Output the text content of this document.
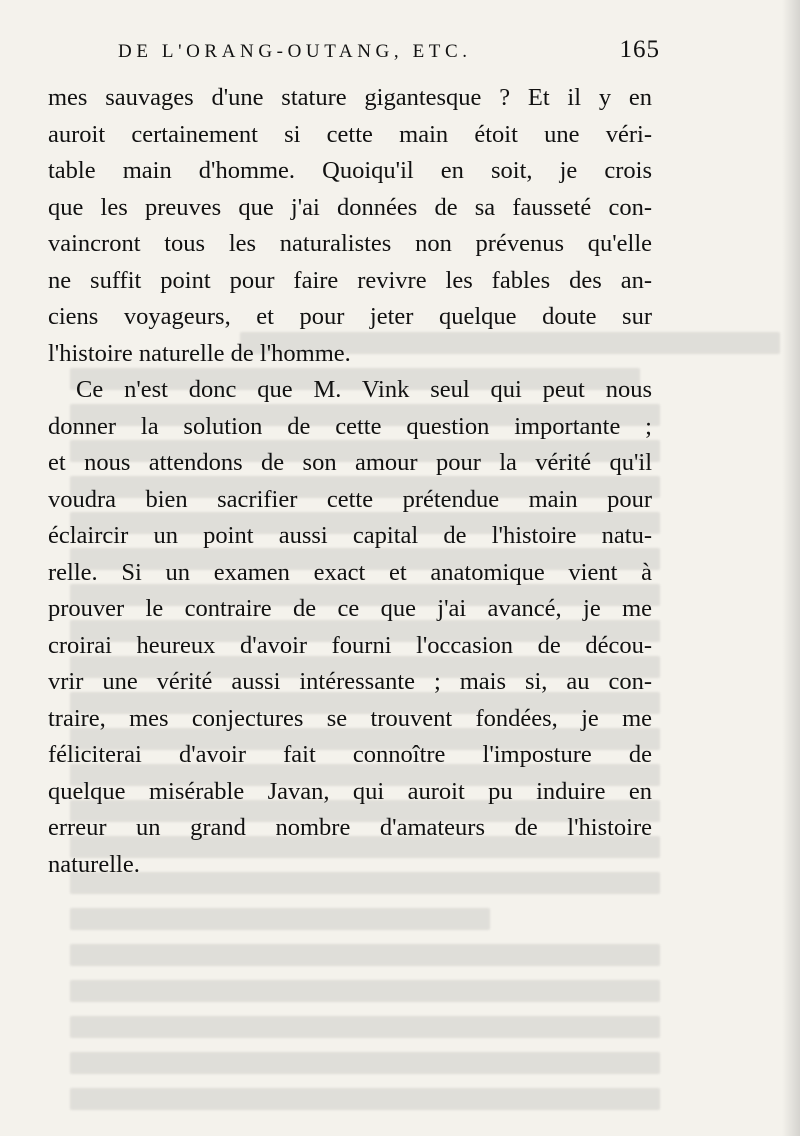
DE L'ORANG-OUTANG, ETC.	165
mes sauvages d'une stature gigantesque ? Et il y en
auroit certainement si cette main étoit une véri-
table main d'homme. Quoiqu'il en soit, je crois
que les preuves que j'ai données de sa fausseté con-
vaincront tous les naturalistes non prévenus qu'elle
ne suffit point pour faire revivre les fables des an-
ciens voyageurs, et pour jeter quelque doute sur
l'histoire naturelle de l'homme.
Ce n'est donc que M. Vink seul qui peut nous
donner la solution de cette question importante ;
et nous attendons de son amour pour la vérité qu'il
voudra bien sacrifier cette prétendue main pour
éclaircir un point aussi capital de l'histoire natu-
relle. Si un examen exact et anatomique vient à
prouver le contraire de ce que j'ai avancé, je me
croirai heureux d'avoir fourni l'occasion de décou-
vrir une vérité aussi intéressante ; mais si, au con-
traire, mes conjectures se trouvent fondées, je me
féliciterai d'avoir fait connoître l'imposture de
quelque misérable Javan, qui auroit pu induire en
erreur un grand nombre d'amateurs de l'histoire
naturelle.
